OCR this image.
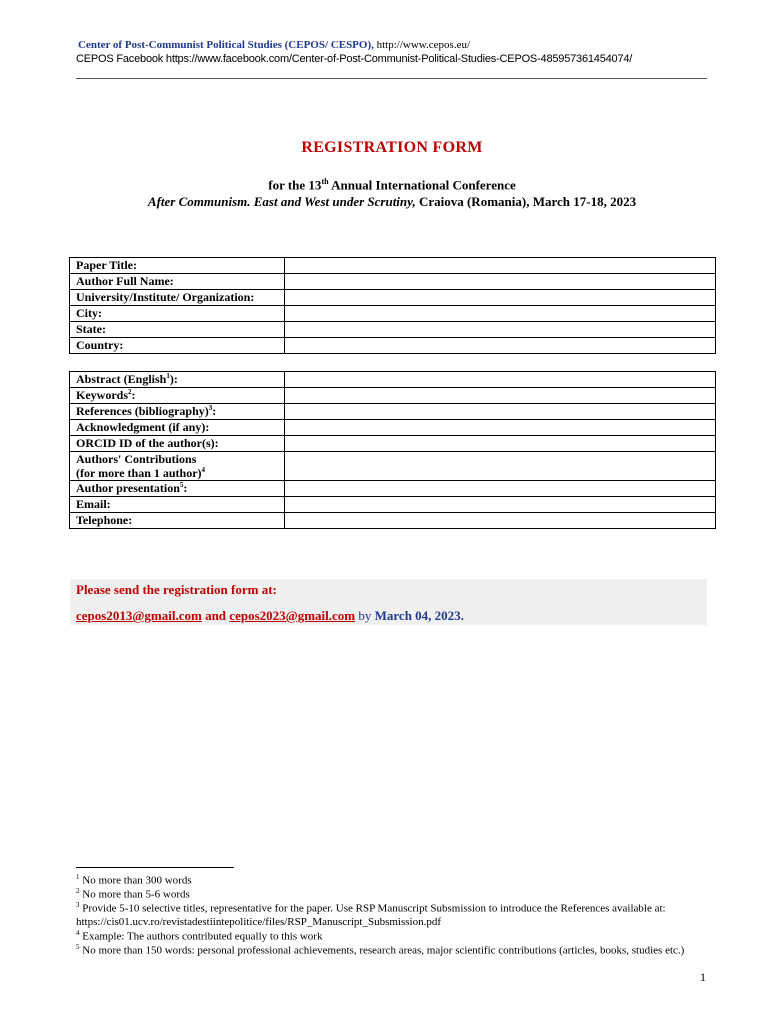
Center of Post-Communist Political Studies (CEPOS/ CESPO), http://www.cepos.eu/
CEPOS Facebook https://www.facebook.com/Center-of-Post-Communist-Political-Studies-CEPOS-485957361454074/
REGISTRATION FORM
for the 13th Annual International Conference
After Communism. East and West under Scrutiny, Craiova (Romania), March 17-18, 2023
Paper Title:	
Author Full Name:	
University/Institute/ Organization:	
City:	
State:	
Country:	
Abstract (English$^1$):	
Keywords$^2$:	
References (bibliography)$^3$:	
Acknowledgment (if any):	
ORCID ID of the author(s):	
Authors' Contributions
(for more than 1 author)$^4$	
Author presentation$^5$:	
Email:	
Telephone:	
Please send the registration form at:
cepos2013@gmail.com and cepos2023@gmail.com by March 04, 2023.
$^1$ No more than 300 words
$^2$ No more than 5-6 words
$^3$ Provide 5-10 selective titles, representative for the paper. Use RSP Manuscript Subsmission to introduce the References available at: https://cis01.ucv.ro/revistadestiintepolitice/files/RSP_Manuscript_Subsmission.pdf
$^4$ Example: The authors contributed equally to this work
$^5$ No more than 150 words: personal professional achievements, research areas, major scientific contributions (articles, books, studies etc.)
1
